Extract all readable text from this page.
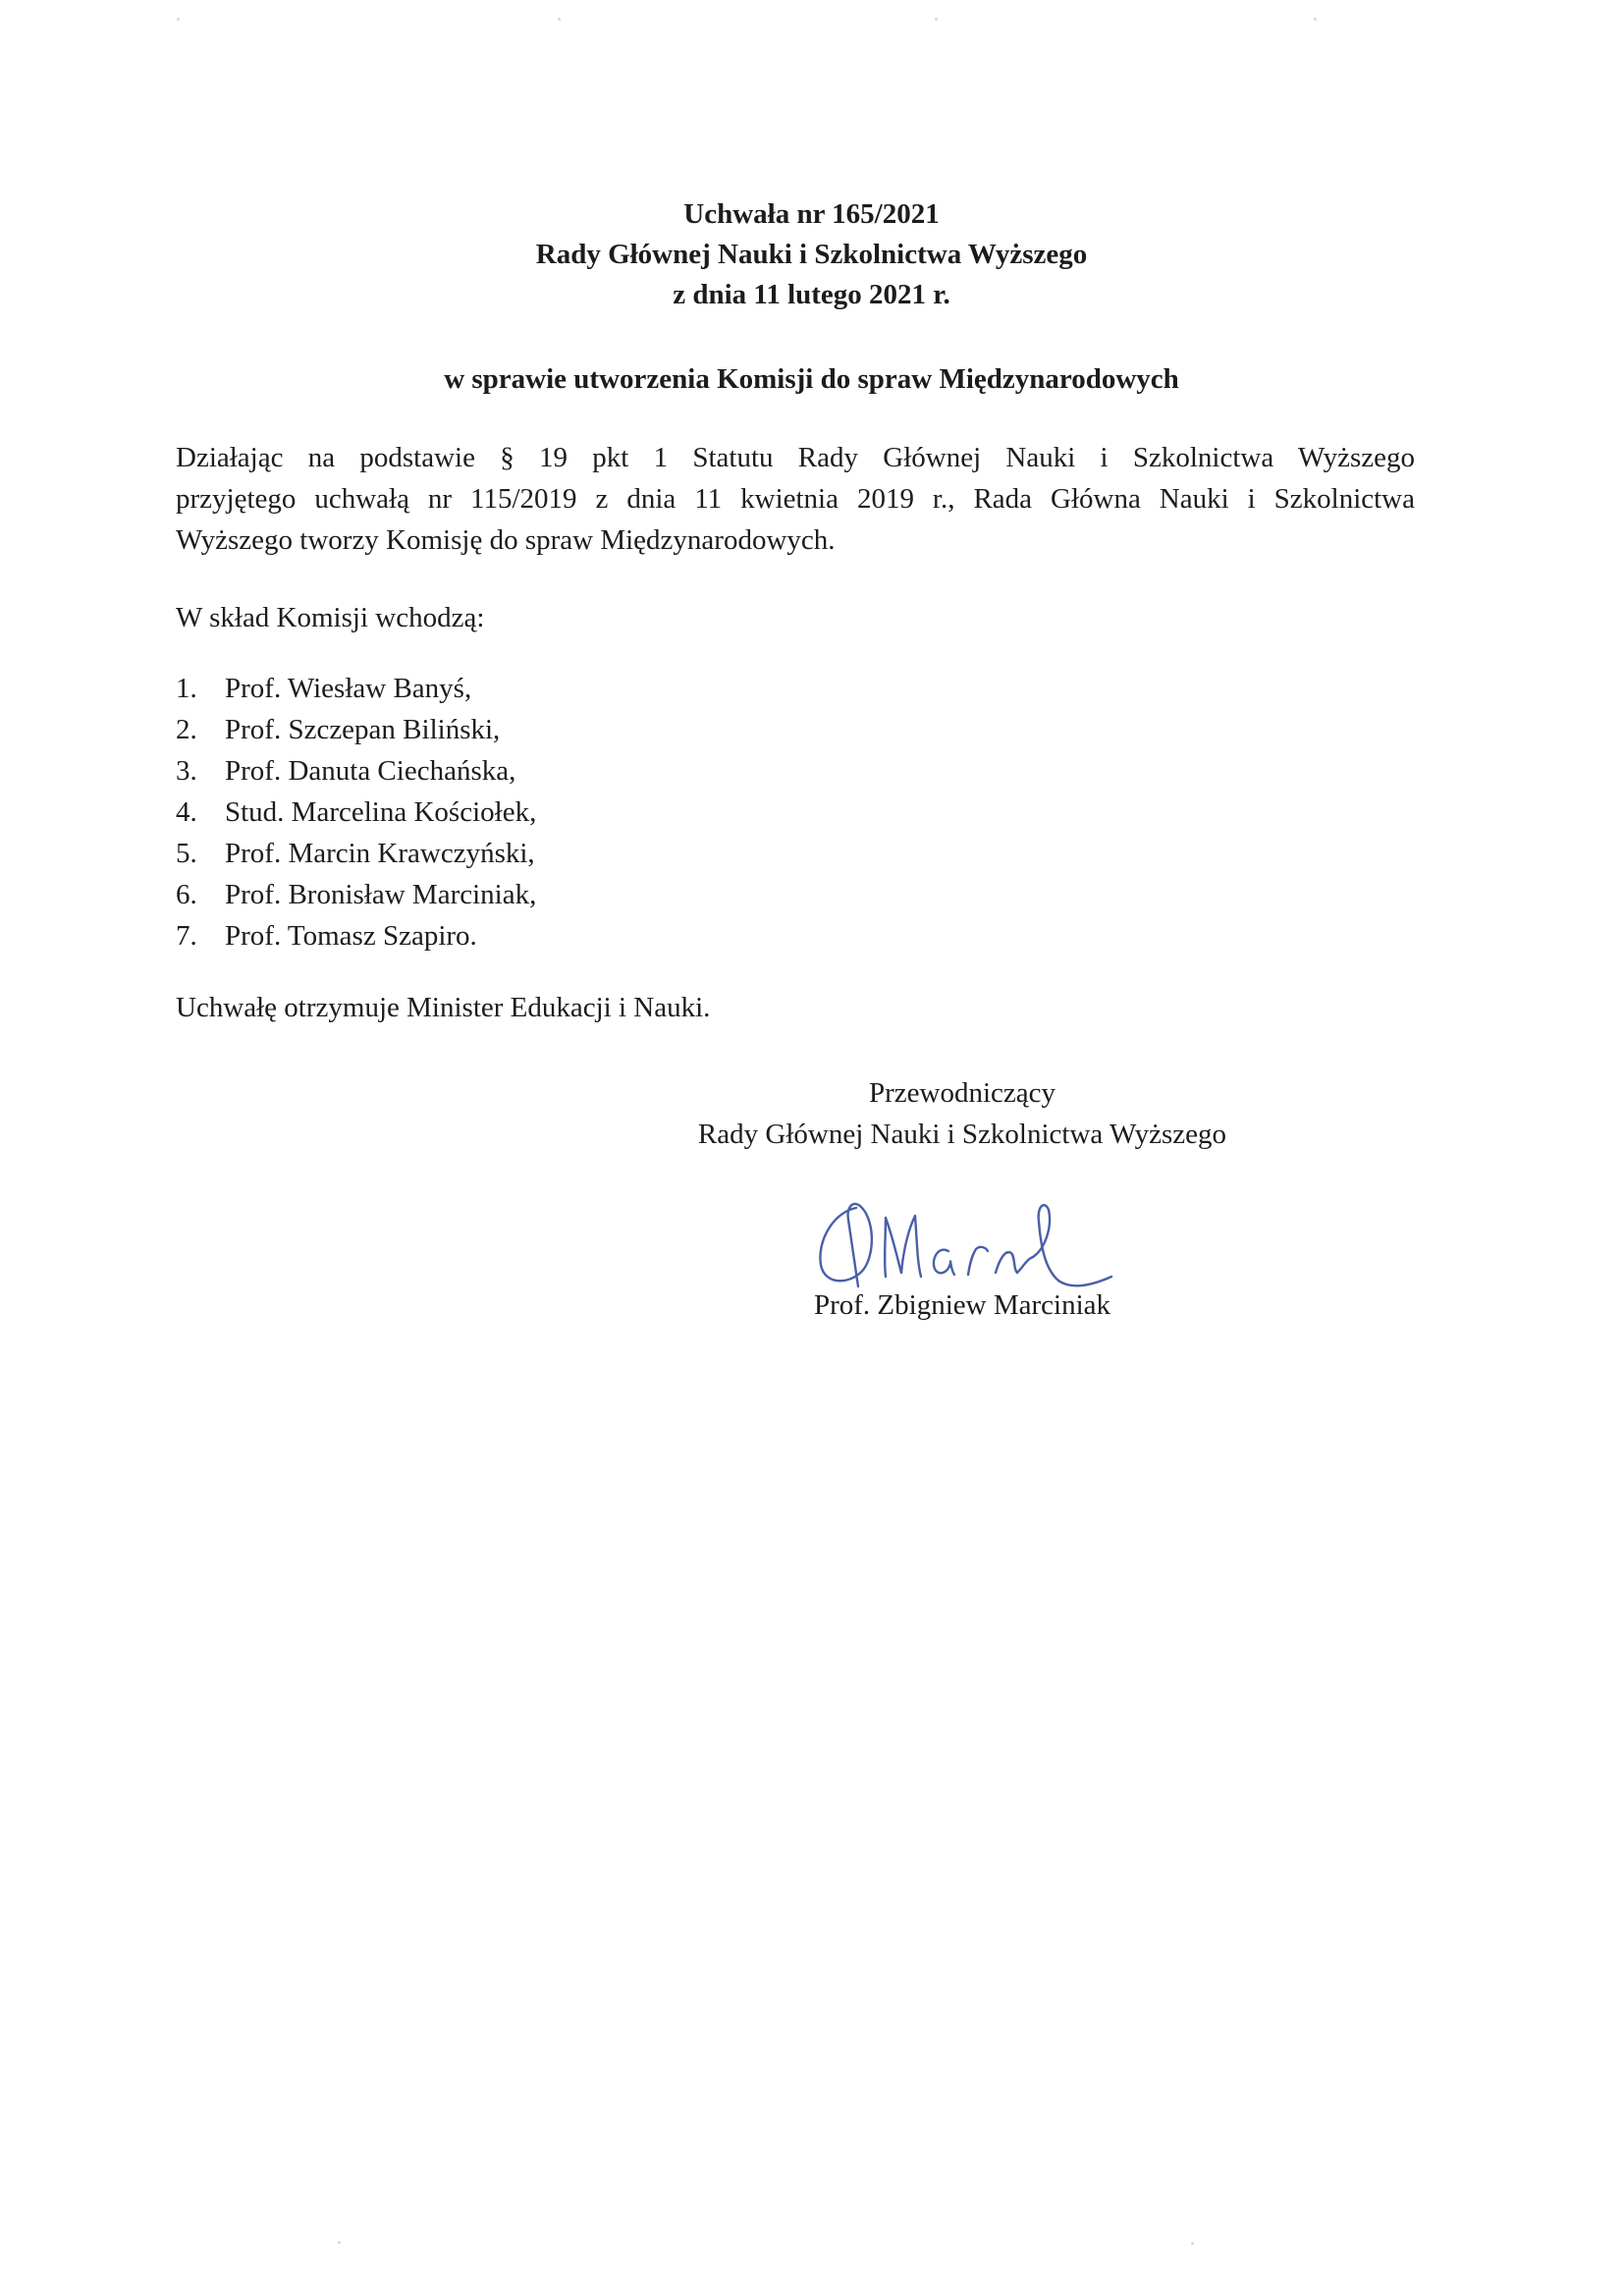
Uchwała nr 165/2021
Rady Głównej Nauki i Szkolnictwa Wyższego
z dnia 11 lutego 2021 r.
w sprawie utworzenia Komisji do spraw Międzynarodowych
Działając na podstawie § 19 pkt 1 Statutu Rady Głównej Nauki i Szkolnictwa Wyższego
przyjętego uchwałą nr 115/2019 z dnia 11 kwietnia 2019 r., Rada Główna Nauki i Szkolnictwa
Wyższego tworzy Komisję do spraw Międzynarodowych.
W skład Komisji wchodzą:
1. Prof. Wiesław Banyś,
2. Prof. Szczepan Biliński,
3. Prof. Danuta Ciechańska,
4. Stud. Marcelina Kościołek,
5. Prof. Marcin Krawczyński,
6. Prof. Bronisław Marciniak,
7. Prof. Tomasz Szapiro.
Uchwałę otrzymuje Minister Edukacji i Nauki.
Przewodniczący
Rady Głównej Nauki i Szkolnictwa Wyższego
Prof. Zbigniew Marciniak
